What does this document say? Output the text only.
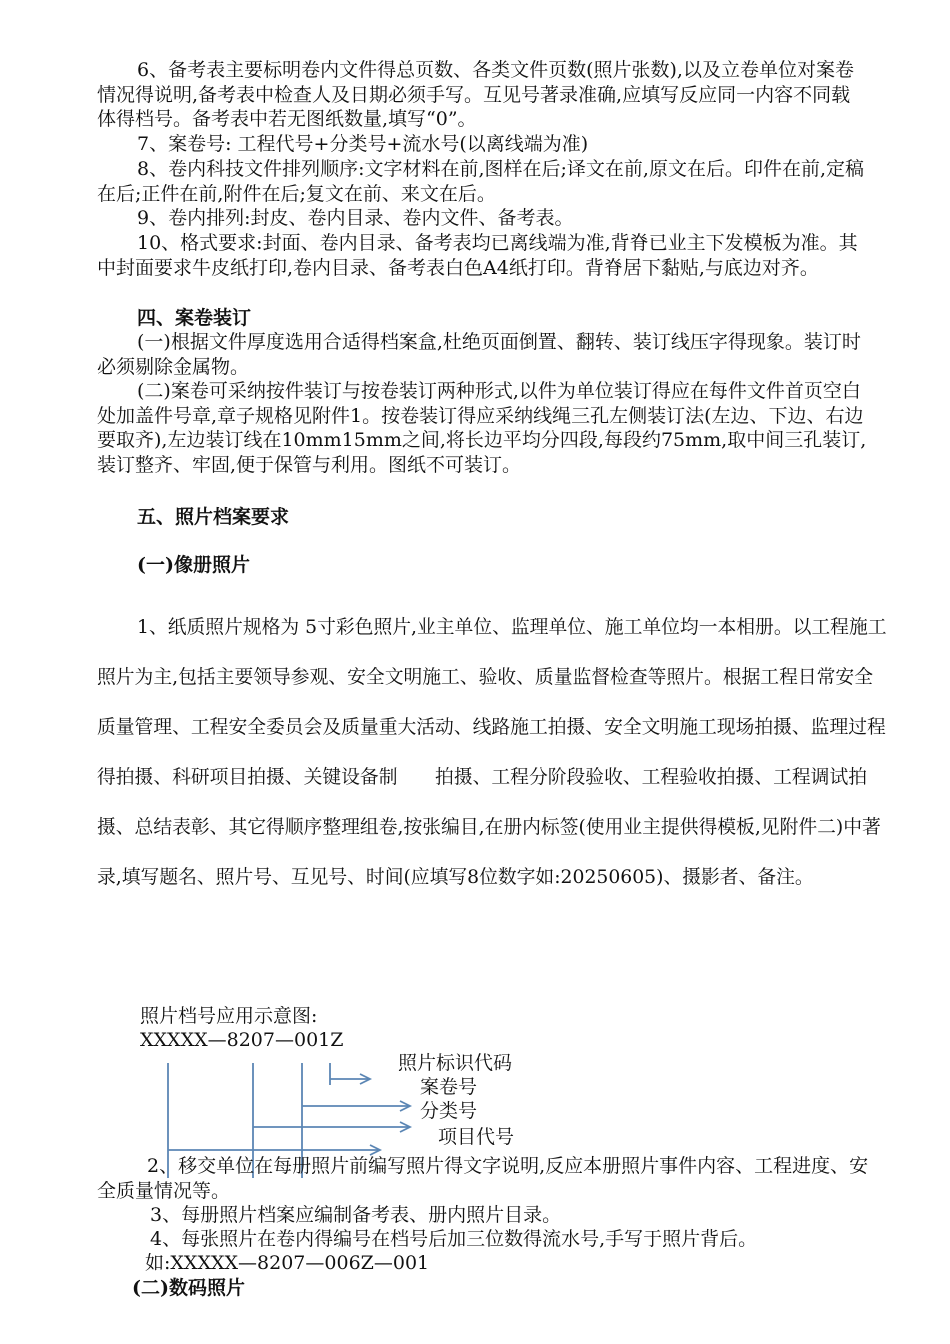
6、备考表主要标明卷内文件得总页数、各类文件页数(照片张数),以及立卷单位对案卷情况得说明,备考表中检查人及日期必须手写。互见号著录准确,应填写反应同一内容不同载体得档号。备考表中若无图纸数量,填写“0”。

7、案卷号: 工程代号+分类号+流水号(以离线端为准)

8、卷内科技文件排列顺序:文字材料在前,图样在后;译文在前,原文在后。印件在前,定稿在后;正件在前,附件在后;复文在前、来文在后。

9、卷内排列:封皮、卷内目录、卷内文件、备考表。

10、格式要求:封面、卷内目录、备考表均已离线端为准,背脊已业主下发模板为准。其中封面要求牛皮纸打印,卷内目录、备考表白色A4纸打印。背脊居下黏贴,与底边对齐。

四、案卷装订

(一)根据文件厚度选用合适得档案盒,杜绝页面倒置、翻转、装订线压字得现象。装订时必须剔除金属物。

(二)案卷可采纳按件装订与按卷装订两种形式,以件为单位装订得应在每件文件首页空白处加盖件号章,章子规格见附件1。按卷装订得应采纳线绳三孔左侧装订法(左边、下边、右边要取齐),左边装订线在10mm15mm之间,将长边平均分四段,每段约75mm,取中间三孔装订,装订整齐、牢固,便于保管与利用。图纸不可装订。

五、照片档案要求

(一)像册照片

1、纸质照片规格为 5寸彩色照片,业主单位、监理单位、施工单位均一本相册。以工程施工照片为主,包括主要领导参观、安全文明施工、验收、质量监督检查等照片。根据工程日常安全质量管理、工程安全委员会及质量重大活动、线路施工拍摄、安全文明施工现场拍摄、监理过程得拍摄、科研项目拍摄、关键设备制　　拍摄、工程分阶段验收、工程验收拍摄、工程调试拍摄、总结表彰、其它得顺序整理组卷,按张编目,在册内标签(使用业主提供得模板,见附件二)中著录,填写题名、照片号、互见号、时间(应填写8位数字如:20250605)、摄影者、备注。

照片档号应用示意图:

XXXXX—8207—001Z

照片标识代码

案卷号

分类号

项目代号

2、移交单位在每册照片前编写照片得文字说明,反应本册照片事件内容、工程进度、安全质量情况等。

3、每册照片档案应编制备考表、册内照片目录。

4、每张照片在卷内得编号在档号后加三位数得流水号,手写于照片背后。

如:XXXXX—8207—006Z—001

(二)数码照片
